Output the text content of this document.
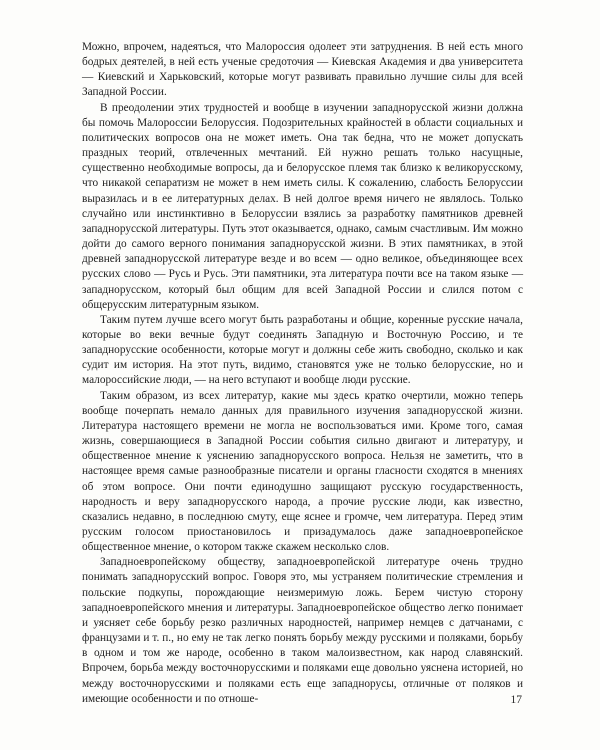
Можно, впрочем, надеяться, что Малороссия одолеет эти затруднения. В ней есть много бодрых деятелей, в ней есть ученые средоточия — Киевская Академия и два университета — Киевский и Харьковский, которые могут развивать правильно лучшие силы для всей Западной России.

В преодолении этих трудностей и вообще в изучении западнорусской жизни должна бы помочь Малороссии Белоруссия. Подозрительных крайностей в области социальных и политических вопросов она не может иметь. Она так бедна, что не может допускать праздных теорий, отвлеченных мечтаний. Ей нужно решать только насущные, существенно необходимые вопросы, да и белорусское племя так близко к великорусскому, что никакой сепаратизм не может в нем иметь силы. К сожалению, слабость Белоруссии выразилась и в ее литературных делах. В ней долгое время ничего не являлось. Только случайно или инстинктивно в Белоруссии взялись за разработку памятников древней западнорусской литературы. Путь этот оказывается, однако, самым счастливым. Им можно дойти до самого верного понимания западнорусской жизни. В этих памятниках, в этой древней западнорусской литературе везде и во всем — одно великое, объединяющее всех русских слово — Русь и Русь. Эти памятники, эта литература почти все на таком языке — западнорусском, который был общим для всей Западной России и слился потом с общерусским литературным языком.

Таким путем лучше всего могут быть разработаны и общие, коренные русские начала, которые во веки вечные будут соединять Западную и Восточную Россию, и те западнорусские особенности, которые могут и должны себе жить свободно, сколько и как судит им история. На этот путь, видимо, становятся уже не только белорусские, но и малороссийские люди, — на него вступают и вообще люди русские.

Таким образом, из всех литератур, какие мы здесь кратко очертили, можно теперь вообще почерпать немало данных для правильного изучения западнорусской жизни. Литература настоящего времени не могла не воспользоваться ими. Кроме того, самая жизнь, совершающиеся в Западной России события сильно двигают и литературу, и общественное мнение к уяснению западнорусского вопроса. Нельзя не заметить, что в настоящее время самые разнообразные писатели и органы гласности сходятся в мнениях об этом вопросе. Они почти единодушно защищают русскую государственность, народность и веру западнорусского народа, а прочие русские люди, как известно, сказались недавно, в последнюю смуту, еще яснее и громче, чем литература. Перед этим русским голосом приостановилось и призадумалось даже западноевропейское общественное мнение, о котором также скажем несколько слов.

Западноевропейскому обществу, западноевропейской литературе очень трудно понимать западнорусский вопрос. Говоря это, мы устраняем политические стремления и польские подкупы, порождающие неизмеримую ложь. Берем чистую сторону западноевропейского мнения и литературы. Западноевропейское общество легко понимает и уясняет себе борьбу резко различных народностей, например немцев с датчанами, с французами и т. п., но ему не так легко понять борьбу между русскими и поляками, борьбу в одном и том же народе, особенно в таком малоизвестном, как народ славянский. Впрочем, борьба между восточнорусскими и поляками еще довольно уяснена историей, но между восточнорусскими и поляками есть еще западнорусы, отличные от поляков и имеющие особенности и по отноше-	17
